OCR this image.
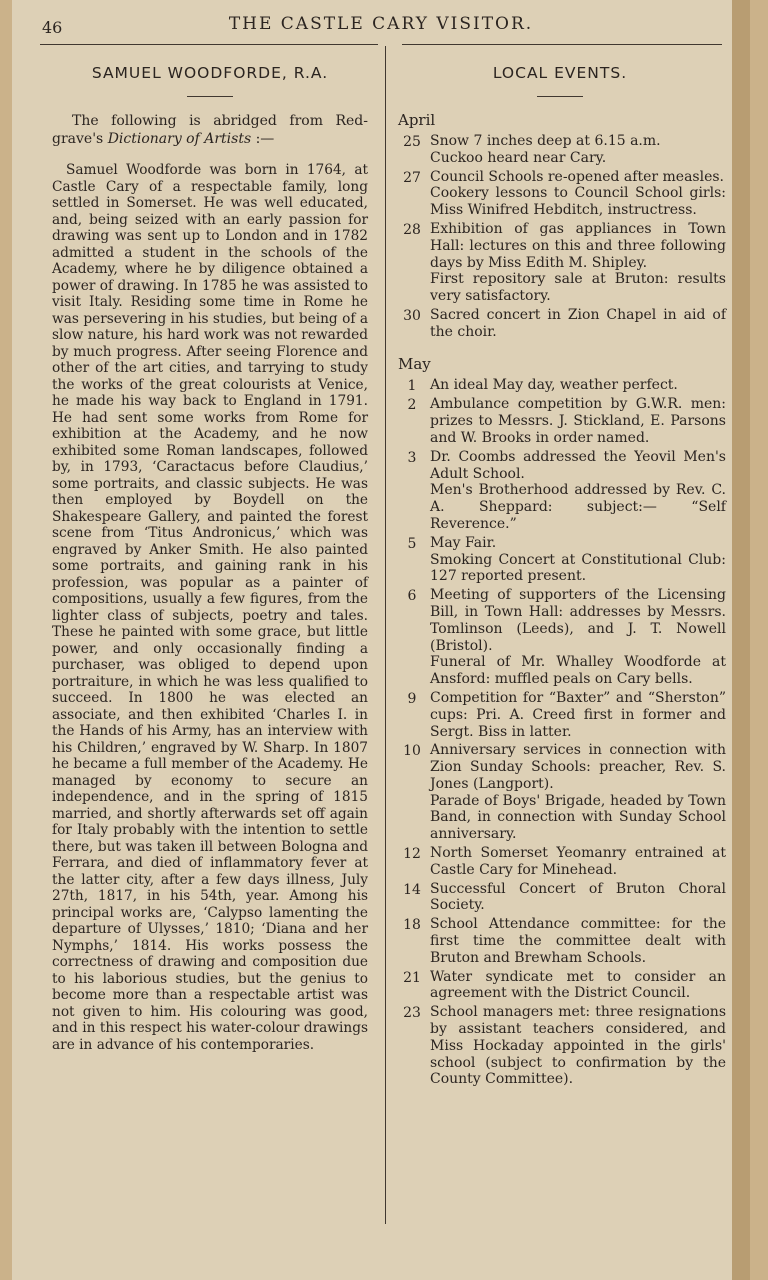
46	THE CASTLE CARY VISITOR.
SAMUEL WOODFORDE, R.A.

The following is abridged from Red-grave's Dictionary of Artists :—

Samuel Woodforde was born in 1764, at Castle Cary of a respectable family, long settled in Somerset. He was well educated, and, being seized with an early passion for drawing was sent up to London and in 1782 admitted a student in the schools of the Academy, where he by diligence obtained a power of drawing. In 1785 he was assisted to visit Italy. Residing some time in Rome he was persevering in his studies, but being of a slow nature, his hard work was not rewarded by much progress. After seeing Florence and other of the art cities, and tarrying to study the works of the great colourists at Venice, he made his way back to England in 1791. He had sent some works from Rome for exhibition at the Academy, and he now exhibited some Roman landscapes, followed by, in 1793, ‘Caractacus before Claudius,’ some portraits, and classic subjects. He was then employed by Boydell on the Shakespeare Gallery, and painted the forest scene from ‘Titus Andronicus,’ which was engraved by Anker Smith. He also painted some portraits, and gaining rank in his profession, was popular as a painter of compositions, usually a few figures, from the lighter class of subjects, poetry and tales. These he painted with some grace, but little power, and only occasionally finding a purchaser, was obliged to depend upon portraiture, in which he was less qualified to succeed. In 1800 he was elected an associate, and then exhibited ‘Charles I. in the Hands of his Army, has an interview with his Children,’ engraved by W. Sharp. In 1807 he became a full member of the Academy. He managed by economy to secure an independence, and in the spring of 1815 married, and shortly afterwards set off again for Italy probably with the intention to settle there, but was taken ill between Bologna and Ferrara, and died of inflammatory fever at the latter city, after a few days illness, July 27th, 1817, in his 54th, year. Among his principal works are, ‘Calypso lamenting the departure of Ulysses,’ 1810; ‘Diana and her Nymphs,’ 1814. His works possess the correctness of drawing and composition due to his laborious studies, but the genius to become more than a respectable artist was not given to him. His colouring was good, and in this respect his water-colour drawings are in advance of his contemporaries.

LOCAL EVENTS.
April
25 Snow 7 inches deep at 6.15 a.m.

Cuckoo heard near Cary.

27 Council Schools re-opened after measles.

Cookery lessons to Council School girls: Miss Winifred Hebditch, instructress.

28 Exhibition of gas appliances in Town Hall: lectures on this and three following days by Miss Edith M. Shipley.

First repository sale at Bruton: results very satisfactory.

30 Sacred concert in Zion Chapel in aid of the choir.

May
1 An ideal May day, weather perfect.

2 Ambulance competition by G.W.R. men: prizes to Messrs. J. Stickland, E. Parsons and W. Brooks in order named.

3 Dr. Coombs addressed the Yeovil Men's Adult School.

Men's Brotherhood addressed by Rev. C. A. Sheppard: subject:— “Self Reverence.”

5 May Fair.

Smoking Concert at Constitutional Club: 127 reported present.

6 Meeting of supporters of the Licensing Bill, in Town Hall: addresses by Messrs. Tomlinson (Leeds), and J. T. Nowell (Bristol).

Funeral of Mr. Whalley Woodforde at Ansford: muffled peals on Cary bells.

9 Competition for “Baxter” and “Sherston” cups: Pri. A. Creed first in former and Sergt. Biss in latter.

10 Anniversary services in connection with Zion Sunday Schools: preacher, Rev. S. Jones (Langport).

Parade of Boys' Brigade, headed by Town Band, in connection with Sunday School anniversary.

12 North Somerset Yeomanry entrained at Castle Cary for Minehead.

14 Successful Concert of Bruton Choral Society.

18 School Attendance committee: for the first time the committee dealt with Bruton and Brewham Schools.

21 Water syndicate met to consider an agreement with the District Council.

23 School managers met: three resignations by assistant teachers considered, and Miss Hockaday appointed in the girls' school (subject to confirmation by the County Committee).
